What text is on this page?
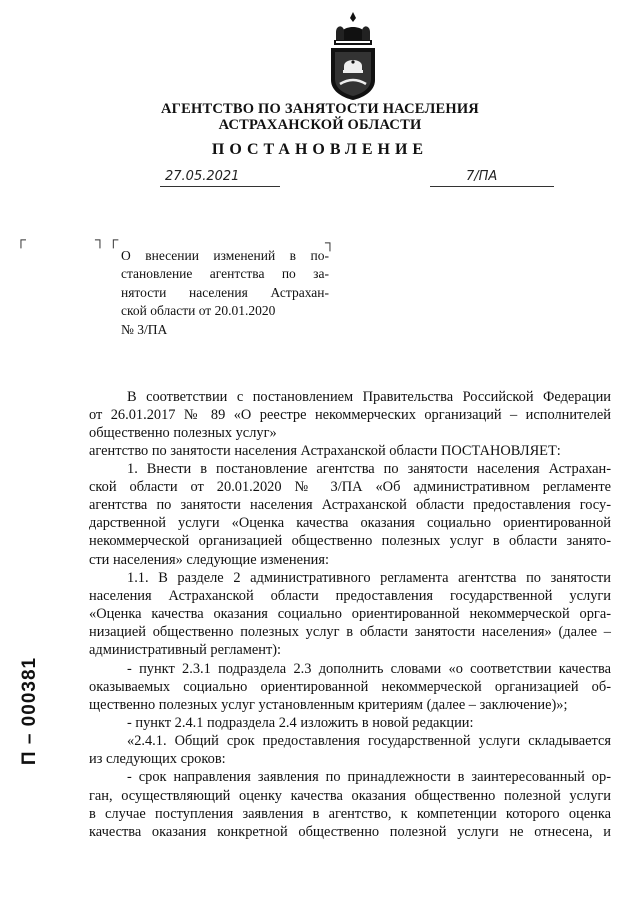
АГЕНТСТВО ПО ЗАНЯТОСТИ НАСЕЛЕНИЯ
АСТРАХАНСКОЙ ОБЛАСТИ
ПОСТАНОВЛЕНИЕ
27.05.2021	7/ПА
┌	┐ ┌	┐
О внесении изменений в по-
становление агентства по за-
нятости населения Астрахан-
ской области от 20.01.2020
№ 3/ПА
В соответствии с постановлением Правительства Российской Федерации
от 26.01.2017 № 89 «О реестре некоммерческих организаций – исполнителей
общественно полезных услуг»
агентство по занятости населения Астраханской области ПОСТАНОВЛЯЕТ:
1. Внести в постановление агентства по занятости населения Астрахан-
ской области от 20.01.2020 № 3/ПА «Об административном регламенте
агентства по занятости населения Астраханской области предоставления госу-
дарственной услуги «Оценка качества оказания социально ориентированной
некоммерческой организацией общественно полезных услуг в области занято-
сти населения» следующие изменения:
1.1. В разделе 2 административного регламента агентства по занятости
населения Астраханской области предоставления государственной услуги
«Оценка качества оказания социально ориентированной некоммерческой орга-
низацией общественно полезных услуг в области занятости населения» (далее –
административный регламент):
- пункт 2.3.1 подраздела 2.3 дополнить словами «о соответствии качества
оказываемых социально ориентированной некоммерческой организацией об-
щественно полезных услуг установленным критериям (далее – заключение)»;
- пункт 2.4.1 подраздела 2.4 изложить в новой редакции:
«2.4.1. Общий срок предоставления государственной услуги складывается
из следующих сроков:
- срок направления заявления по принадлежности в заинтересованный ор-
ган, осуществляющий оценку качества оказания общественно полезной услуги
в случае поступления заявления в агентство, к компетенции которого оценка
качества оказания конкретной общественно полезной услуги не отнесена, и
П – 000381
